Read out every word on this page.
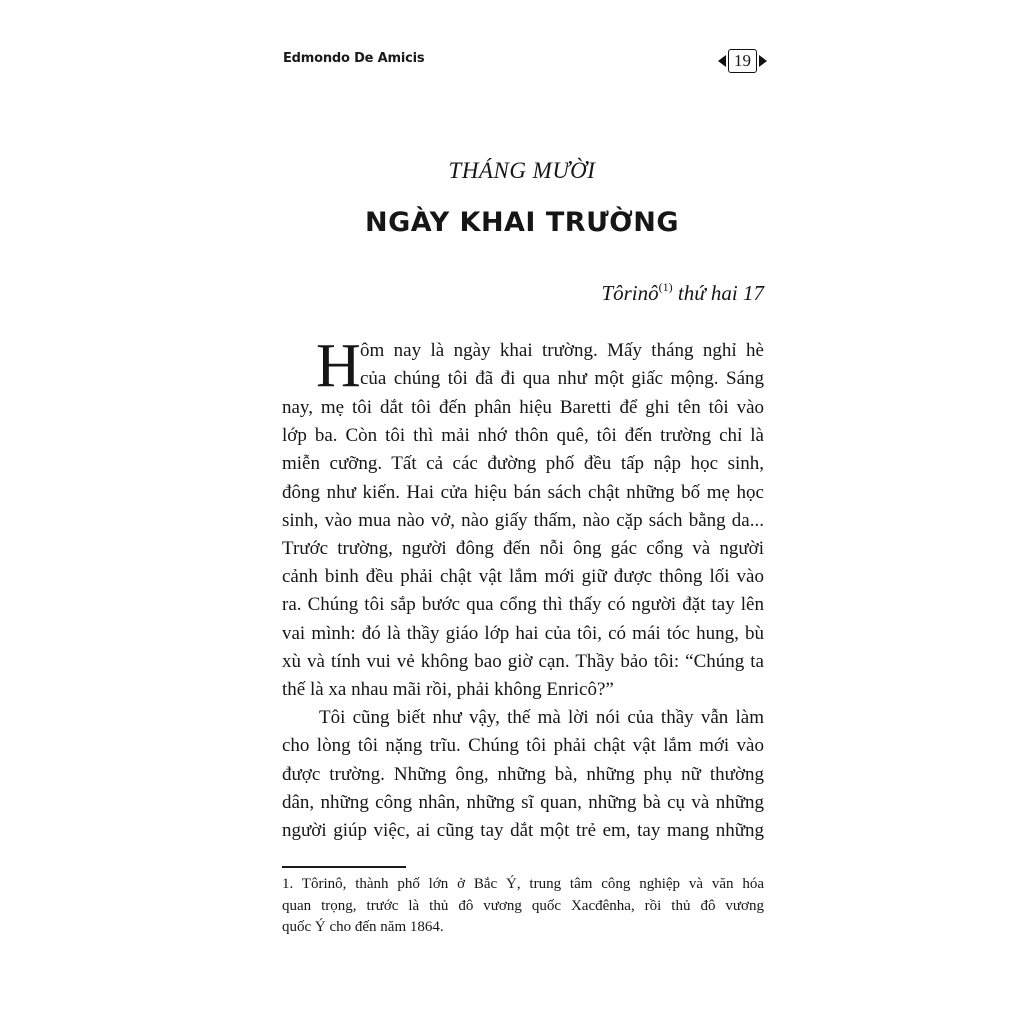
Edmondo De Amicis	19
THÁNG MƯỜI
NGÀY KHAI TRƯỜNG
Tôrinô$^{(1)}$ thứ hai 17
H ôm nay là ngày khai trường. Mấy tháng nghỉ hè
của chúng tôi đã đi qua như một giấc mộng. Sáng
nay, mẹ tôi dắt tôi đến phân hiệu Baretti để ghi tên tôi vào
lớp ba. Còn tôi thì mải nhớ thôn quê, tôi đến trường chỉ là
miễn cưỡng. Tất cả các đường phố đều tấp nập học sinh,
đông như kiến. Hai cửa hiệu bán sách chật những bố mẹ học
sinh, vào mua nào vở, nào giấy thấm, nào cặp sách bằng da...
Trước trường, người đông đến nỗi ông gác cổng và người
cảnh binh đều phải chật vật lắm mới giữ được thông lối vào
ra. Chúng tôi sắp bước qua cổng thì thấy có người đặt tay lên
vai mình: đó là thầy giáo lớp hai của tôi, có mái tóc hung, bù
xù và tính vui vẻ không bao giờ cạn. Thầy bảo tôi: “Chúng ta
thế là xa nhau mãi rồi, phải không Enricô?”
Tôi cũng biết như vậy, thế mà lời nói của thầy vẫn làm
cho lòng tôi nặng trĩu. Chúng tôi phải chật vật lắm mới vào
được trường. Những ông, những bà, những phụ nữ thường
dân, những công nhân, những sĩ quan, những bà cụ và những
người giúp việc, ai cũng tay dắt một trẻ em, tay mang những
1. Tôrinô, thành phố lớn ở Bắc Ý, trung tâm công nghiệp và văn hóa
quan trọng, trước là thủ đô vương quốc Xacđênha, rồi thủ đô vương
quốc Ý cho đến năm 1864.
